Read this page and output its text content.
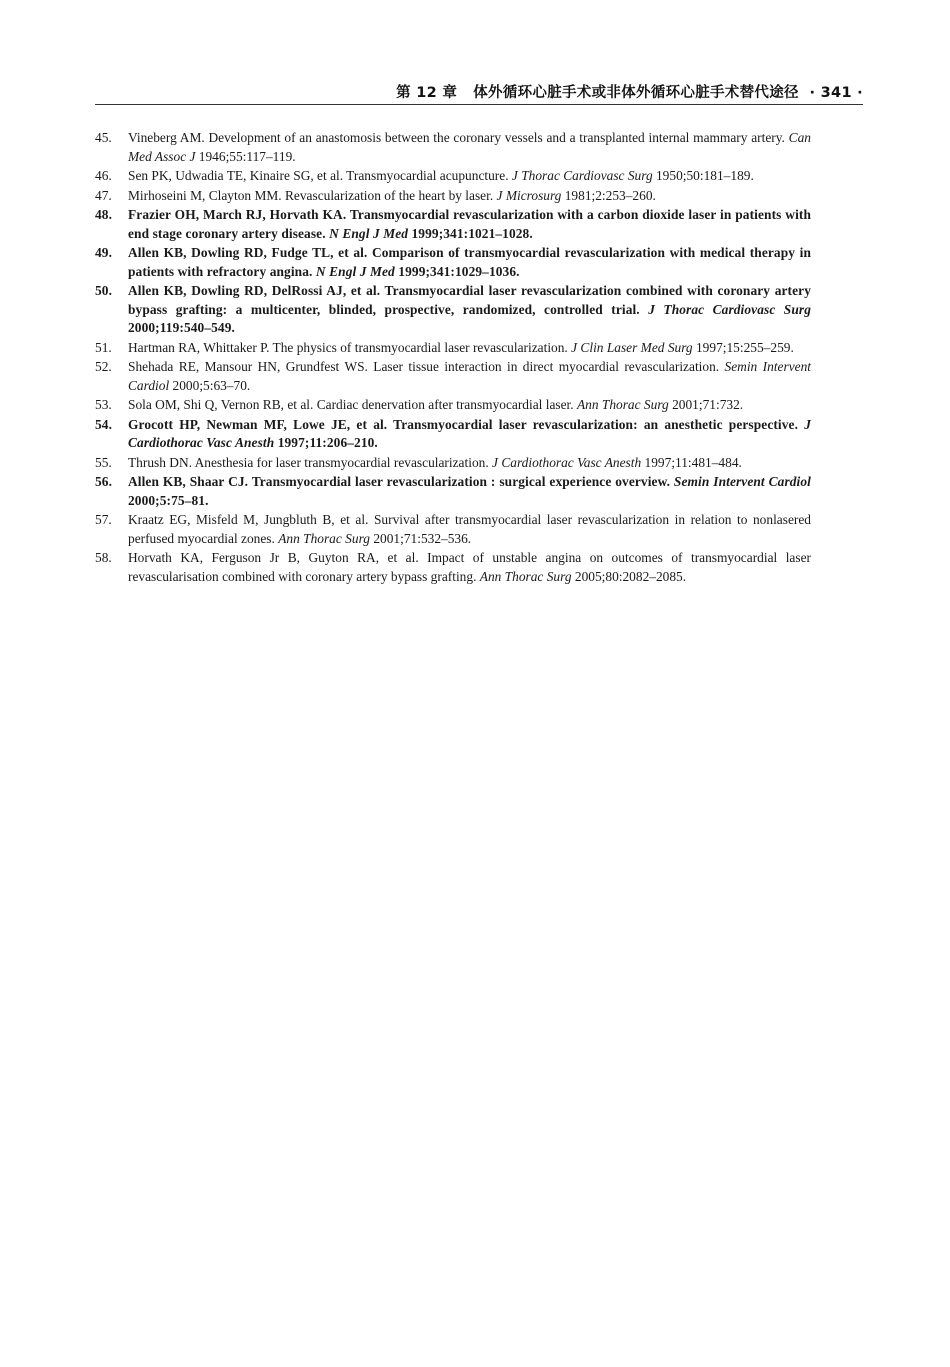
第 12 章 体外循环心脏手术或非体外循环心脏手术替代途径 · 341 ·
45.	Vineberg AM. Development of an anastomosis between the coronary vessels and a transplanted internal mammary artery. Can Med Assoc J 1946;55:117–119.
46.	Sen PK, Udwadia TE, Kinaire SG, et al. Transmyocardial acupuncture. J Thorac Cardiovasc Surg 1950;50:181–189.
47.	Mirhoseini M, Clayton MM. Revascularization of the heart by laser. J Microsurg 1981;2:253–260.
48.	Frazier OH, March RJ, Horvath KA. Transmyocardial revascularization with a carbon dioxide laser in patients with end stage coronary artery disease. N Engl J Med 1999;341:1021–1028.
49.	Allen KB, Dowling RD, Fudge TL, et al. Comparison of transmyocardial revascularization with medical therapy in patients with refractory angina. N Engl J Med 1999;341:1029–1036.
50.	Allen KB, Dowling RD, DelRossi AJ, et al. Transmyocardial laser revascularization combined with coronary artery bypass grafting: a multicenter, blinded, prospective, randomized, controlled trial. J Thorac Cardiovasc Surg 2000;119:540–549.
51.	Hartman RA, Whittaker P. The physics of transmyocardial laser revascularization. J Clin Laser Med Surg 1997;15:255–259.
52.	Shehada RE, Mansour HN, Grundfest WS. Laser tissue interaction in direct myocardial revascularization. Semin Intervent Cardiol 2000;5:63–70.
53.	Sola OM, Shi Q, Vernon RB, et al. Cardiac denervation after transmyocardial laser. Ann Thorac Surg 2001;71:732.
54.	Grocott HP, Newman MF, Lowe JE, et al. Transmyocardial laser revascularization: an anesthetic perspective. J Cardiothorac Vasc Anesth 1997;11:206–210.
55.	Thrush DN. Anesthesia for laser transmyocardial revascularization. J Cardiothorac Vasc Anesth 1997;11:481–484.
56.	Allen KB, Shaar CJ. Transmyocardial laser revascularization : surgical experience overview. Semin Intervent Cardiol 2000;5:75–81.
57.	Kraatz EG, Misfeld M, Jungbluth B, et al. Survival after transmyocardial laser revascularization in relation to nonlasered perfused myocardial zones. Ann Thorac Surg 2001;71:532–536.
58.	Horvath KA, Ferguson Jr B, Guyton RA, et al. Impact of unstable angina on outcomes of transmyocardial laser revascularisation combined with coronary artery bypass grafting. Ann Thorac Surg 2005;80:2082–2085.
